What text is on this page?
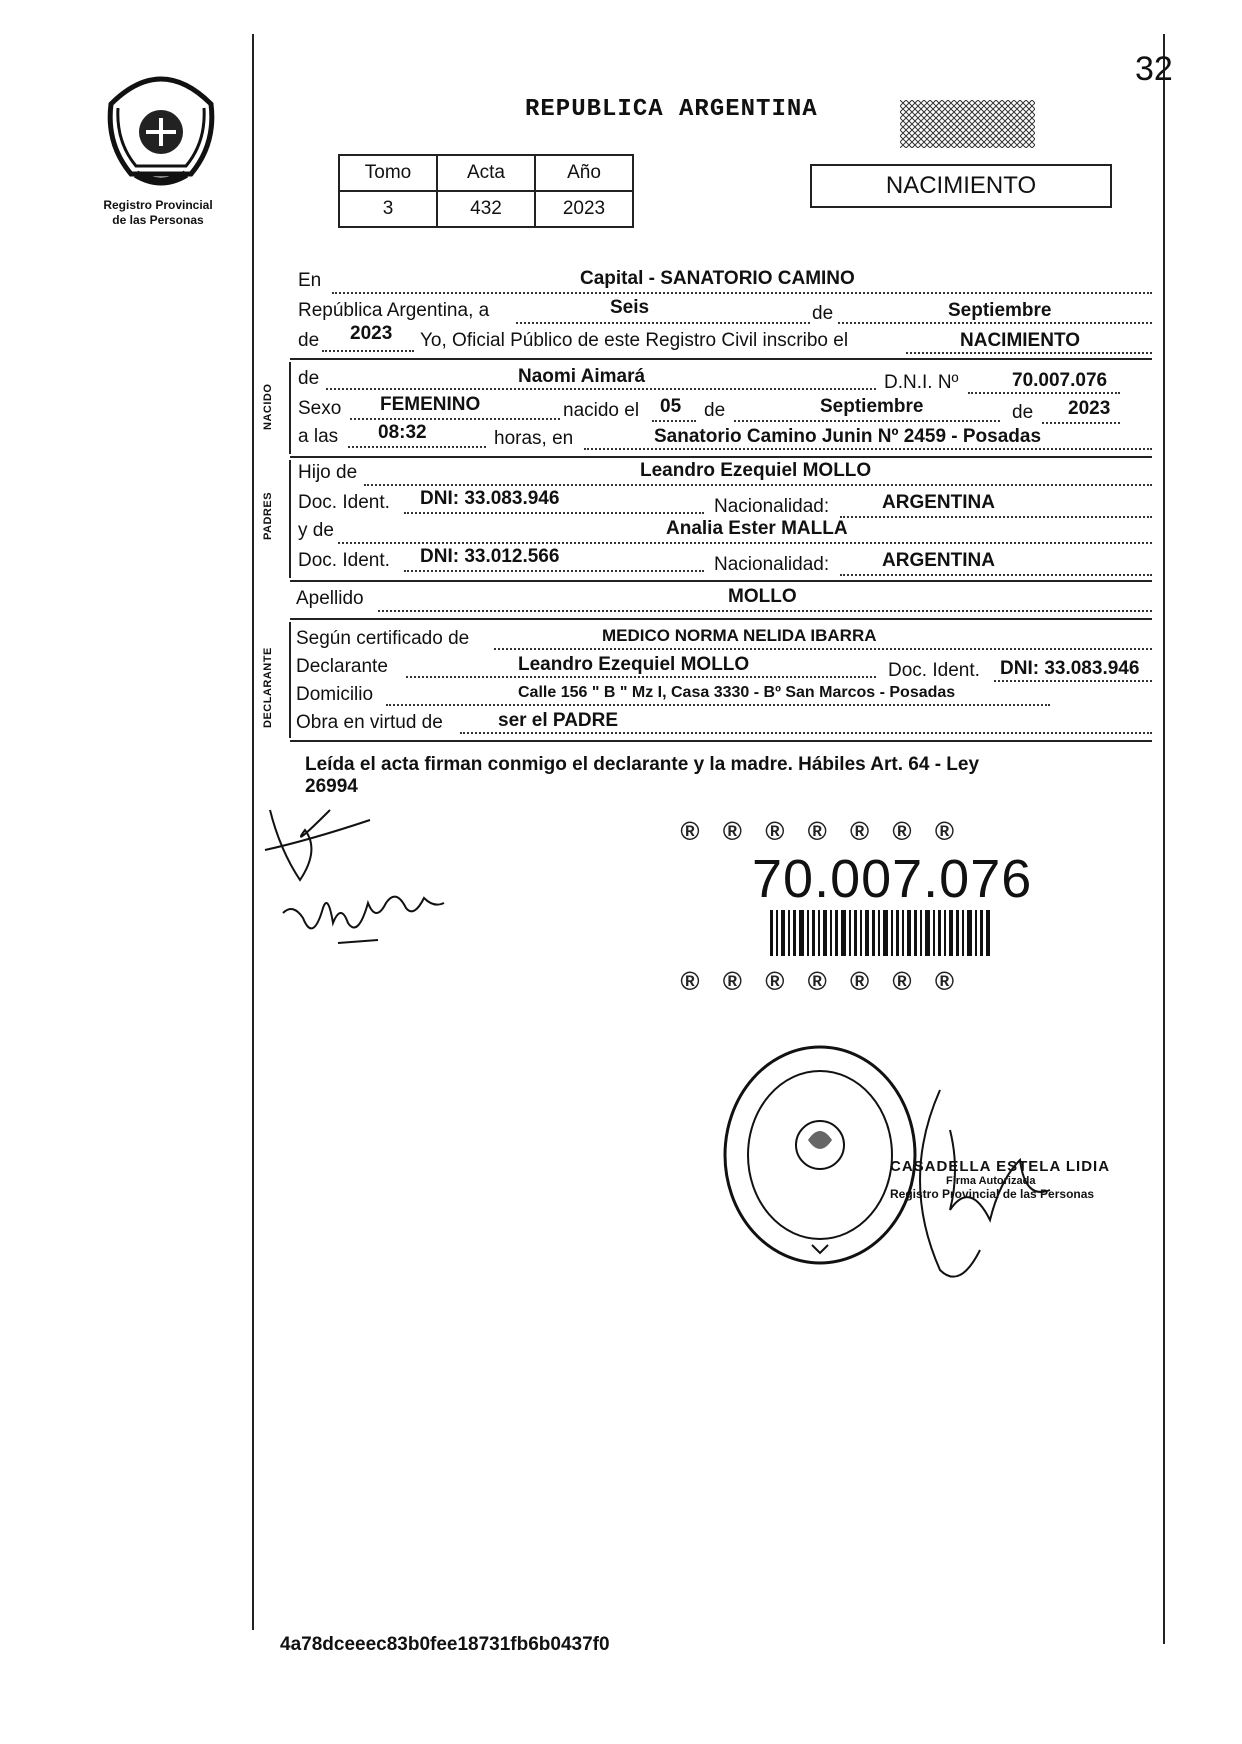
32
Registro Provincial
de las Personas
REPUBLICA ARGENTINA
Tomo	Acta	Año
3	432	2023
NACIMIENTO
En	Capital - SANATORIO CAMINO
República Argentina, a	Seis	de	Septiembre
de 2023 Yo, Oficial Público de este Registro Civil inscribo el	NACIMIENTO
NACIDO
de	Naomi Aimará	D.N.I. Nº	70.007.076
Sexo FEMENINO	nacido el 05 de	Septiembre	de 2023
a las 08:32	horas, en	Sanatorio Camino Junin Nº 2459 - Posadas
PADRES
Hijo de	Leandro Ezequiel MOLLO
Doc. Ident. DNI: 33.083.946	Nacionalidad:	ARGENTINA
y de	Analia Ester MALLA
Doc. Ident. DNI: 33.012.566	Nacionalidad:	ARGENTINA
Apellido	MOLLO
DECLARANTE
Según certificado de	MEDICO NORMA NELIDA IBARRA
Declarante	Leandro Ezequiel MOLLO	Doc. Ident. DNI: 33.083.946
Domicilio	Calle 156 " B " Mz I, Casa 3330 - Bº San Marcos - Posadas
Obra en virtud de	ser el PADRE
Leída el acta firman conmigo el declarante y la madre. Hábiles Art. 64 - Ley
26994
® ® ® ® ® ® ®
70.007.076
® ® ® ® ® ® ®
CASADELLA ESTELA LIDIA
Firma Autorizada
Registro Provincial de las Personas
4a78dceeec83b0fee18731fb6b0437f0
